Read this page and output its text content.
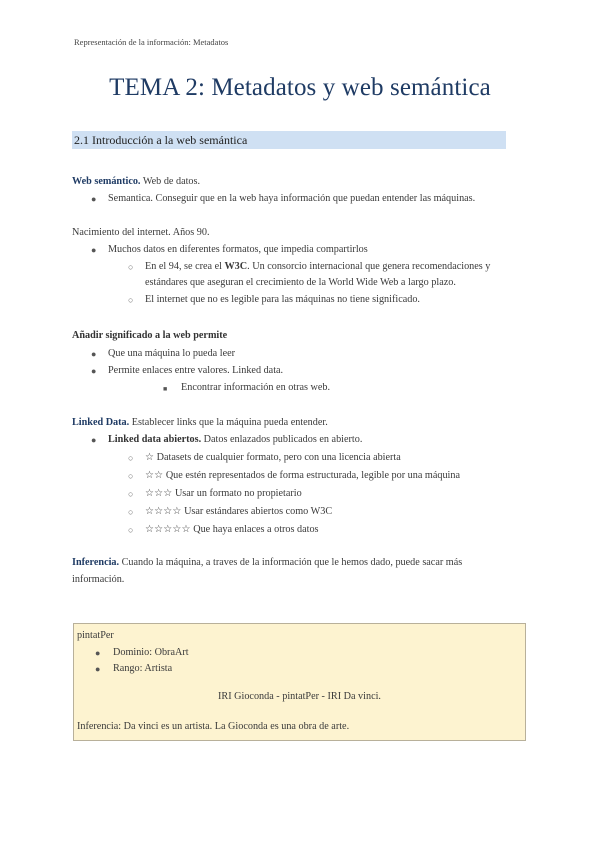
Representación de la información: Metadatos
TEMA 2: Metadatos y web semántica
2.1 Introducción a la web semántica
Web semántico. Web de datos.
● Semantica. Conseguir que en la web haya información que puedan entender las máquinas.
Nacimiento del internet. Años 90.
● Muchos datos en diferentes formatos, que impedia compartirlos
○ En el 94, se crea el W3C. Un consorcio internacional que genera recomendaciones y
estándares que aseguran el crecimiento de la World Wide Web a largo plazo.
○ El internet que no es legible para las máquinas no tiene significado.
Añadir significado a la web permite
● Que una máquina lo pueda leer
● Permite enlaces entre valores. Linked data.
■ Encontrar información en otras web.
Linked Data. Establecer links que la máquina pueda entender.
● Linked data abiertos. Datos enlazados publicados en abierto.
○ ☆ Datasets de cualquier formato, pero con una licencia abierta
○ ☆☆ Que estén representados de forma estructurada, legible por una máquina
○ ☆☆☆ Usar un formato no propietario
○ ☆☆☆☆ Usar estándares abiertos como W3C
○ ☆☆☆☆☆ Que haya enlaces a otros datos
Inferencia. Cuando la máquina, a traves de la información que le hemos dado, puede sacar más
información.
pintatPer
● Dominio: ObraArt
● Rango: Artista
IRI Gioconda - pintatPer - IRI Da vinci.
Inferencia: Da vinci es un artista. La Gioconda es una obra de arte.
